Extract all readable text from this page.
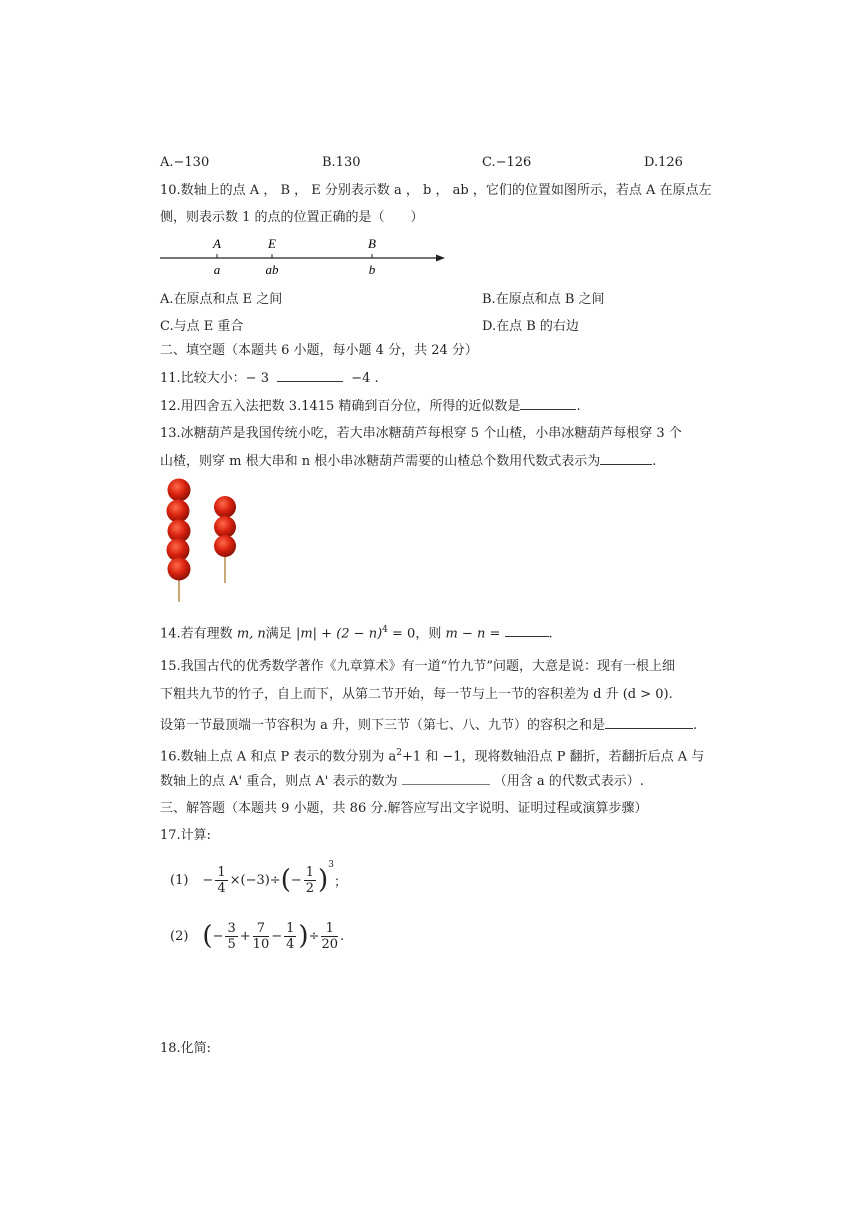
A.−130	B.130	C.−126	D.126
10.数轴上的点 A ， B ， E 分别表示数 a ， b ， ab ，它们的位置如图所示，若点 A 在原点左
侧，则表示数 1 的点的位置正确的是（　　）
A	E	B
a	ab	b
A.在原点和点 E 之间	B.在原点和点 B 之间
C.与点 E 重合	D.在点 B 的右边
二、填空题（本题共 6 小题，每小题 4 分，共 24 分）
11.比较大小：− 3	−4 .
12.用四舍五入法把数 3.1415 精确到百分位，所得的近似数是	.
13.冰糖葫芦是我国传统小吃，若大串冰糖葫芦每根穿 5 个山楂，小串冰糖葫芦每根穿 3 个
山楂，则穿 m 根大串和 n 根小串冰糖葫芦需要的山楂总个数用代数式表示为	.
14.若有理数 m, n满足 $|m| + (2 - n)^4 = 0$，则 m − n =	.
15.我国古代的优秀数学著作《九章算术》有一道“竹九节”问题，大意是说：现有一根上细
下粗共九节的竹子，自上而下，从第二节开始，每一节与上一节的容积差为 d 升 (d > 0).
设第一节最顶端一节容积为 a 升，则下三节（第七、八、九节）的容积之和是	.
16.数轴上点 A 和点 P 表示的数分别为 $a^2+1$ 和 −1，现将数轴沿点 P 翻折，若翻折后点 A 与
数轴上的点 A' 重合，则点 A' 表示的数为	（用含 a 的代数式表示）.
三、解答题（本题共 9 小题，共 86 分.解答应写出文字说明、证明过程或演算步骤）
17.计算:
$(1) - \frac{1}{4} \times(-3)\div$ ( − $\frac{1}{2} )^3$
；
(2) ( − $\frac{3}{5} + \frac{7}{10} - \frac{1}{4}$ ) ÷ $\frac{1}{20}$ .
18.化简:
